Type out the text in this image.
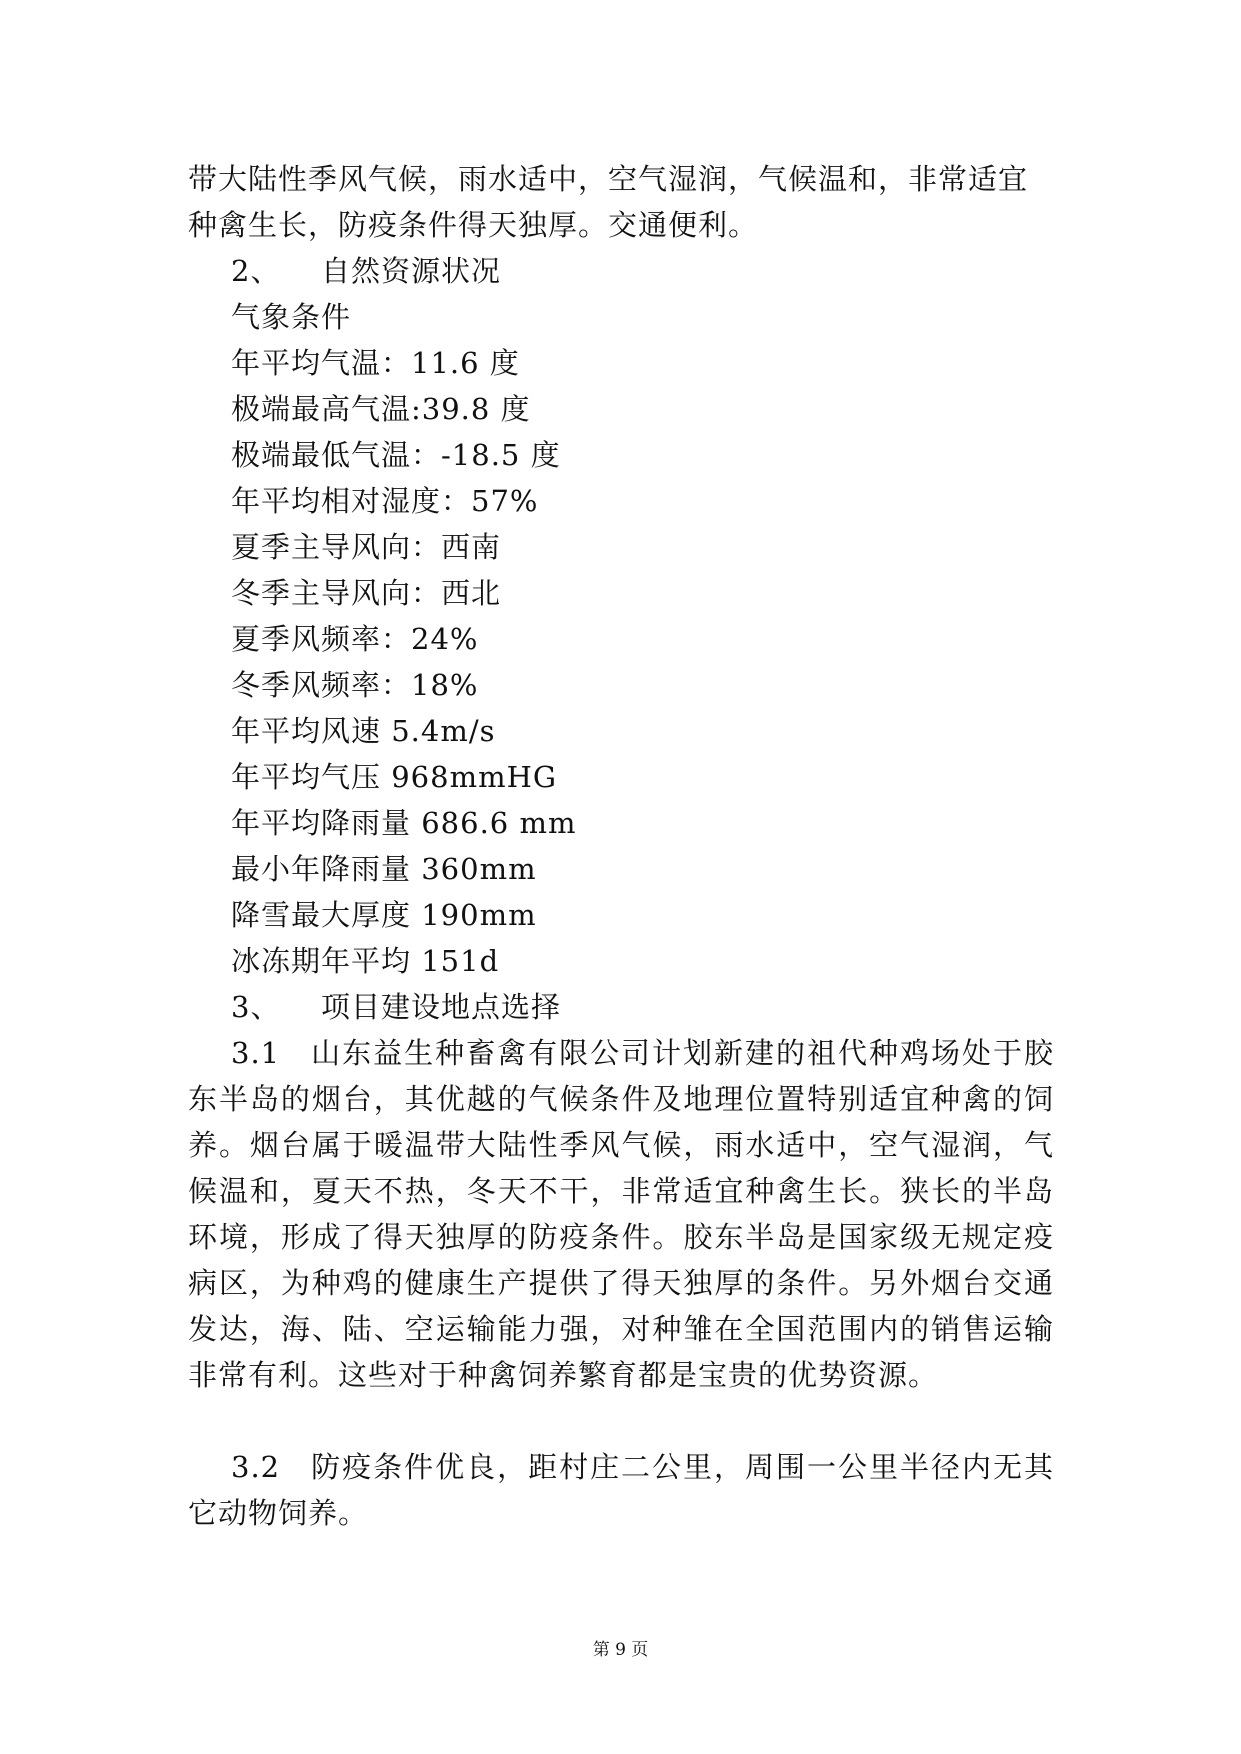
带大陆性季风气候，雨水适中，空气湿润，气候温和，非常适宜
种禽生长，防疫条件得天独厚。交通便利。
2、 自然资源状况
气象条件
年平均气温：11.6 度
极端最高气温:39.8 度
极端最低气温：-18.5 度
年平均相对湿度：57%
夏季主导风向：西南
冬季主导风向：西北
夏季风频率：24%
冬季风频率：18%
年平均风速 5.4m/s
年平均气压 968mmHG
年平均降雨量 686.6 mm
最小年降雨量 360mm
降雪最大厚度 190mm
冰冻期年平均 151d
3、 项目建设地点选择
3.1  山东益生种畜禽有限公司计划新建的祖代种鸡场处于胶东半岛的烟台，其优越的气候条件及地理位置特别适宜种禽的饲养。烟台属于暖温带大陆性季风气候，雨水适中，空气湿润，气候温和，夏天不热，冬天不干，非常适宜种禽生长。狭长的半岛环境，形成了得天独厚的防疫条件。胶东半岛是国家级无规定疫病区，为种鸡的健康生产提供了得天独厚的条件。另外烟台交通发达，海、陆、空运输能力强，对种雏在全国范围内的销售运输非常有利。这些对于种禽饲养繁育都是宝贵的优势资源。
3.2  防疫条件优良，距村庄二公里，周围一公里半径内无其它动物饲养。
第 9 页
